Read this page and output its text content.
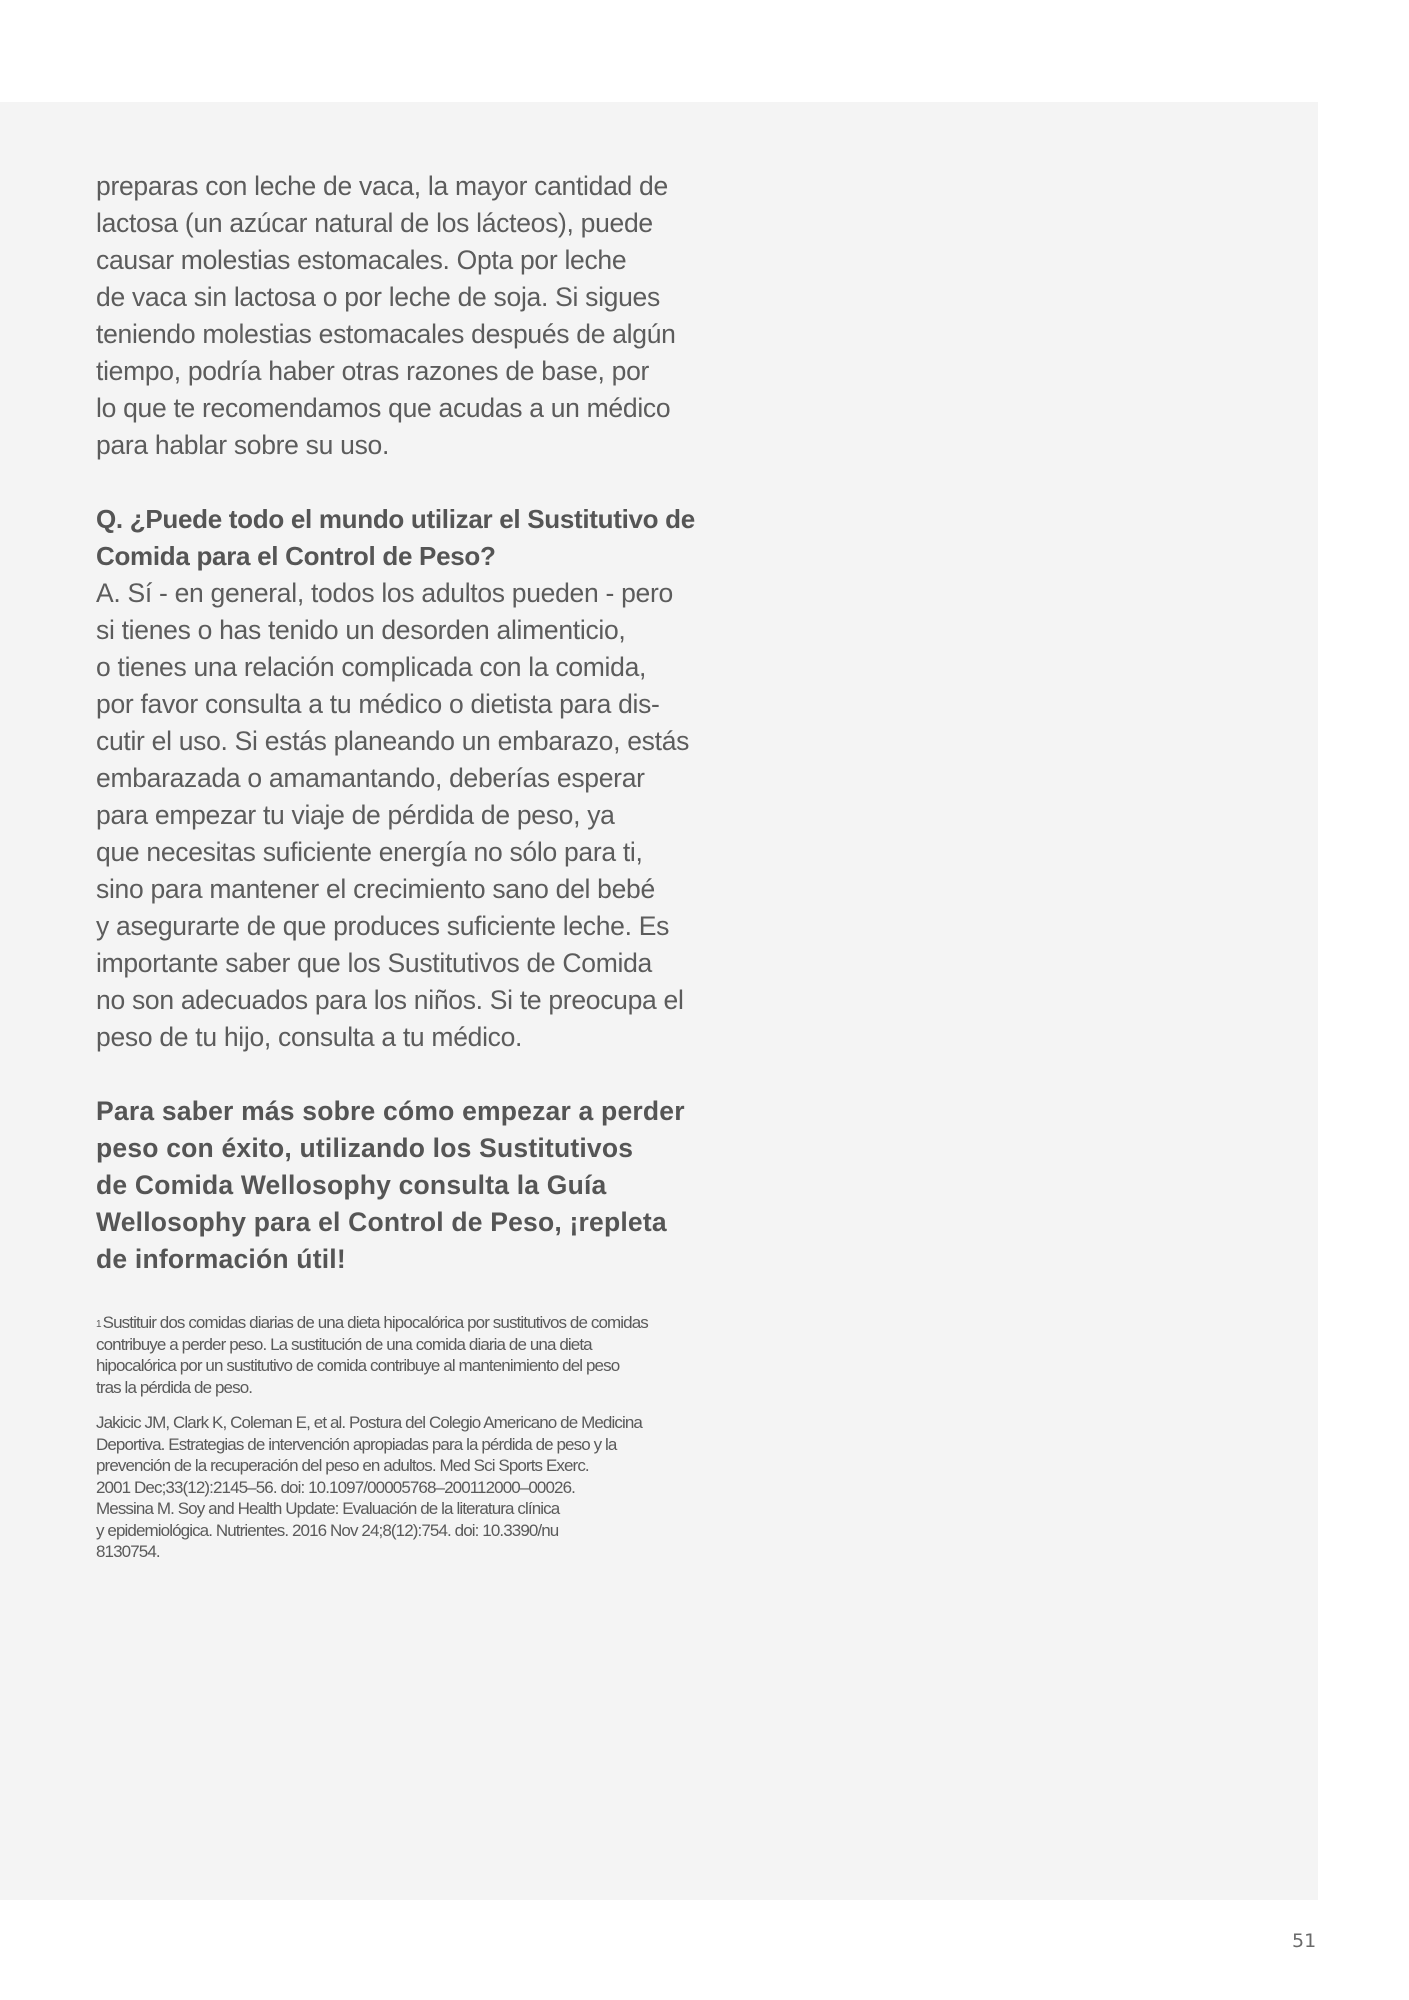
preparas con leche de vaca, la mayor cantidad de
lactosa (un azúcar natural de los lácteos), puede
causar molestias estomacales. Opta por leche
de vaca sin lactosa o por leche de soja. Si sigues
teniendo molestias estomacales después de algún
tiempo, podría haber otras razones de base, por
lo que te recomendamos que acudas a un médico
para hablar sobre su uso.

Q. ¿Puede todo el mundo utilizar el Sustitutivo de
Comida para el Control de Peso?

A. Sí - en general, todos los adultos pueden - pero
si tienes o has tenido un desorden alimenticio,
o tienes una relación complicada con la comida,
por favor consulta a tu médico o dietista para dis-
cutir el uso. Si estás planeando un embarazo, estás
embarazada o amamantando, deberías esperar
para empezar tu viaje de pérdida de peso, ya
que necesitas suficiente energía no sólo para ti,
sino para mantener el crecimiento sano del bebé
y asegurarte de que produces suficiente leche. Es
importante saber que los Sustitutivos de Comida
no son adecuados para los niños. Si te preocupa el
peso de tu hijo, consulta a tu médico.

Para saber más sobre cómo empezar a perder
peso con éxito, utilizando los Sustitutivos
de Comida Wellosophy consulta la Guía
Wellosophy para el Control de Peso, ¡repleta
de información útil!

$^1$ Sustituir dos comidas diarias de una dieta hipocalórica por sustitutivos de comidas
contribuye a perder peso. La sustitución de una comida diaria de una dieta
hipocalórica por un sustitutivo de comida contribuye al mantenimiento del peso
tras la pérdida de peso.
Jakicic JM, Clark K, Coleman E, et al. Postura del Colegio Americano de Medicina
Deportiva. Estrategias de intervención apropiadas para la pérdida de peso y la
prevención de la recuperación del peso en adultos. Med Sci Sports Exerc.
2001 Dec;33(12):2145–56. doi: 10.1097/00005768–200112000–00026.
Messina M. Soy and Health Update: Evaluación de la literatura clínica
y epidemiológica. Nutrientes. 2016 Nov 24;8(12):754. doi: 10.3390/nu
8130754.
51
